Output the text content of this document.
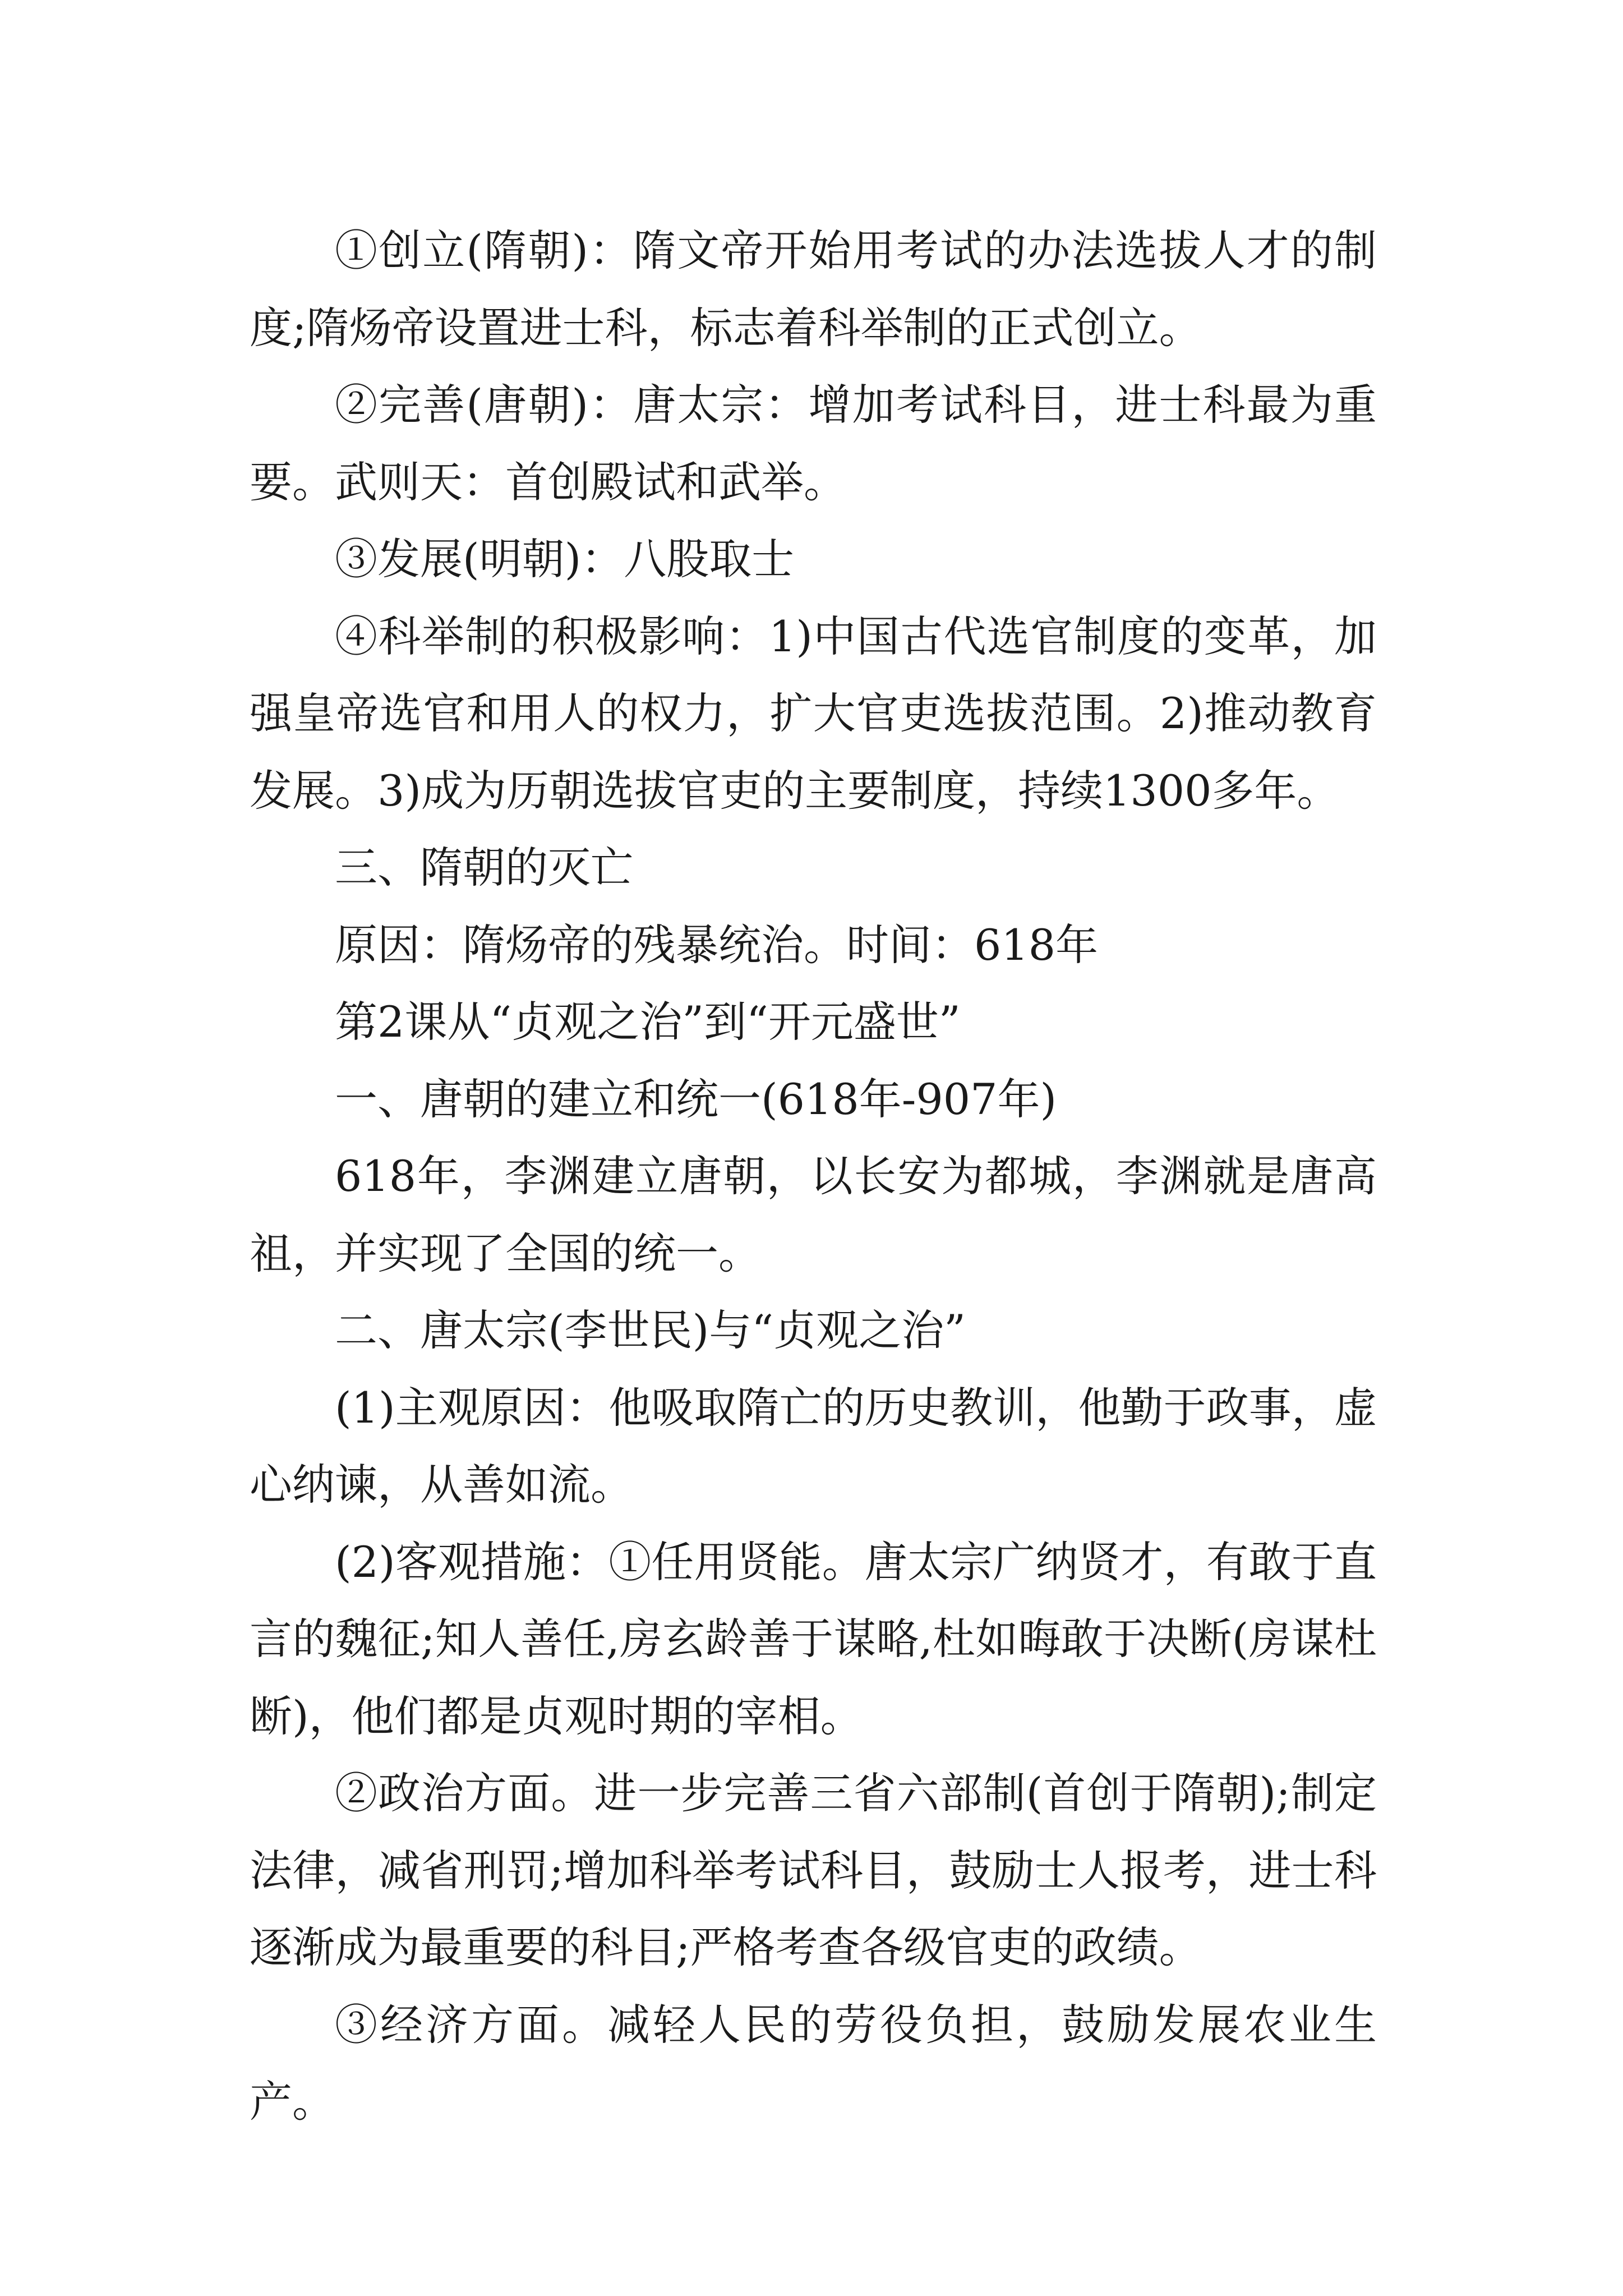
①创立(隋朝)：隋文帝开始用考试的办法选拔人才的制度;隋炀帝设置进士科，标志着科举制的正式创立。

②完善(唐朝)：唐太宗：增加考试科目，进士科最为重要。武则天：首创殿试和武举。

③发展(明朝)：八股取士

④科举制的积极影响：1)中国古代选官制度的变革，加强皇帝选官和用人的权力，扩大官吏选拔范围。2)推动教育发展。3)成为历朝选拔官吏的主要制度，持续1300多年。

三、隋朝的灭亡

原因：隋炀帝的残暴统治。时间：618年

第2课从“贞观之治”到“开元盛世”

一、唐朝的建立和统一(618年-907年)

618年，李渊建立唐朝，以长安为都城，李渊就是唐高祖，并实现了全国的统一。

二、唐太宗(李世民)与“贞观之治”

(1)主观原因：他吸取隋亡的历史教训，他勤于政事，虚心纳谏，从善如流。

(2)客观措施：①任用贤能。唐太宗广纳贤才，有敢于直言的魏征;知人善任,房玄龄善于谋略,杜如晦敢于决断(房谋杜断)，他们都是贞观时期的宰相。

②政治方面。进一步完善三省六部制(首创于隋朝);制定法律，减省刑罚;增加科举考试科目，鼓励士人报考，进士科逐渐成为最重要的科目;严格考查各级官吏的政绩。

③经济方面。减轻人民的劳役负担，鼓励发展农业生产。
